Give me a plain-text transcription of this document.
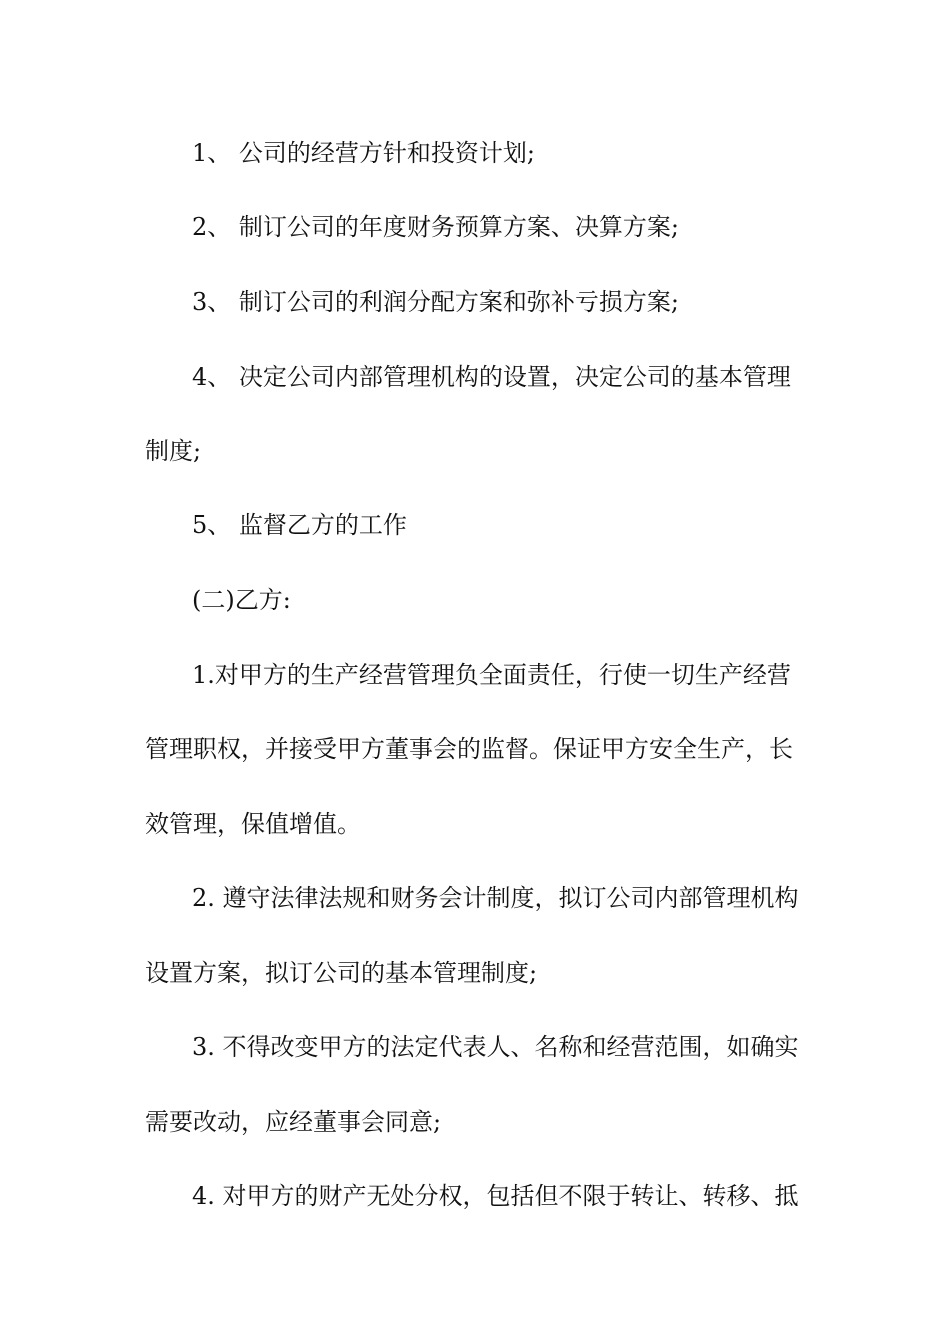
1、 公司的经营方针和投资计划;
2、 制订公司的年度财务预算方案、决算方案;
3、 制订公司的利润分配方案和弥补亏损方案;
4、 决定公司内部管理机构的设置，决定公司的基本管理
制度;
5、 监督乙方的工作
(二)乙方:
1.对甲方的生产经营管理负全面责任，行使一切生产经营
管理职权，并接受甲方董事会的监督。保证甲方安全生产，长
效管理，保值增值。
2. 遵守法律法规和财务会计制度，拟订公司内部管理机构
设置方案，拟订公司的基本管理制度;
3. 不得改变甲方的法定代表人、名称和经营范围，如确实
需要改动，应经董事会同意;
4. 对甲方的财产无处分权，包括但不限于转让、转移、抵
